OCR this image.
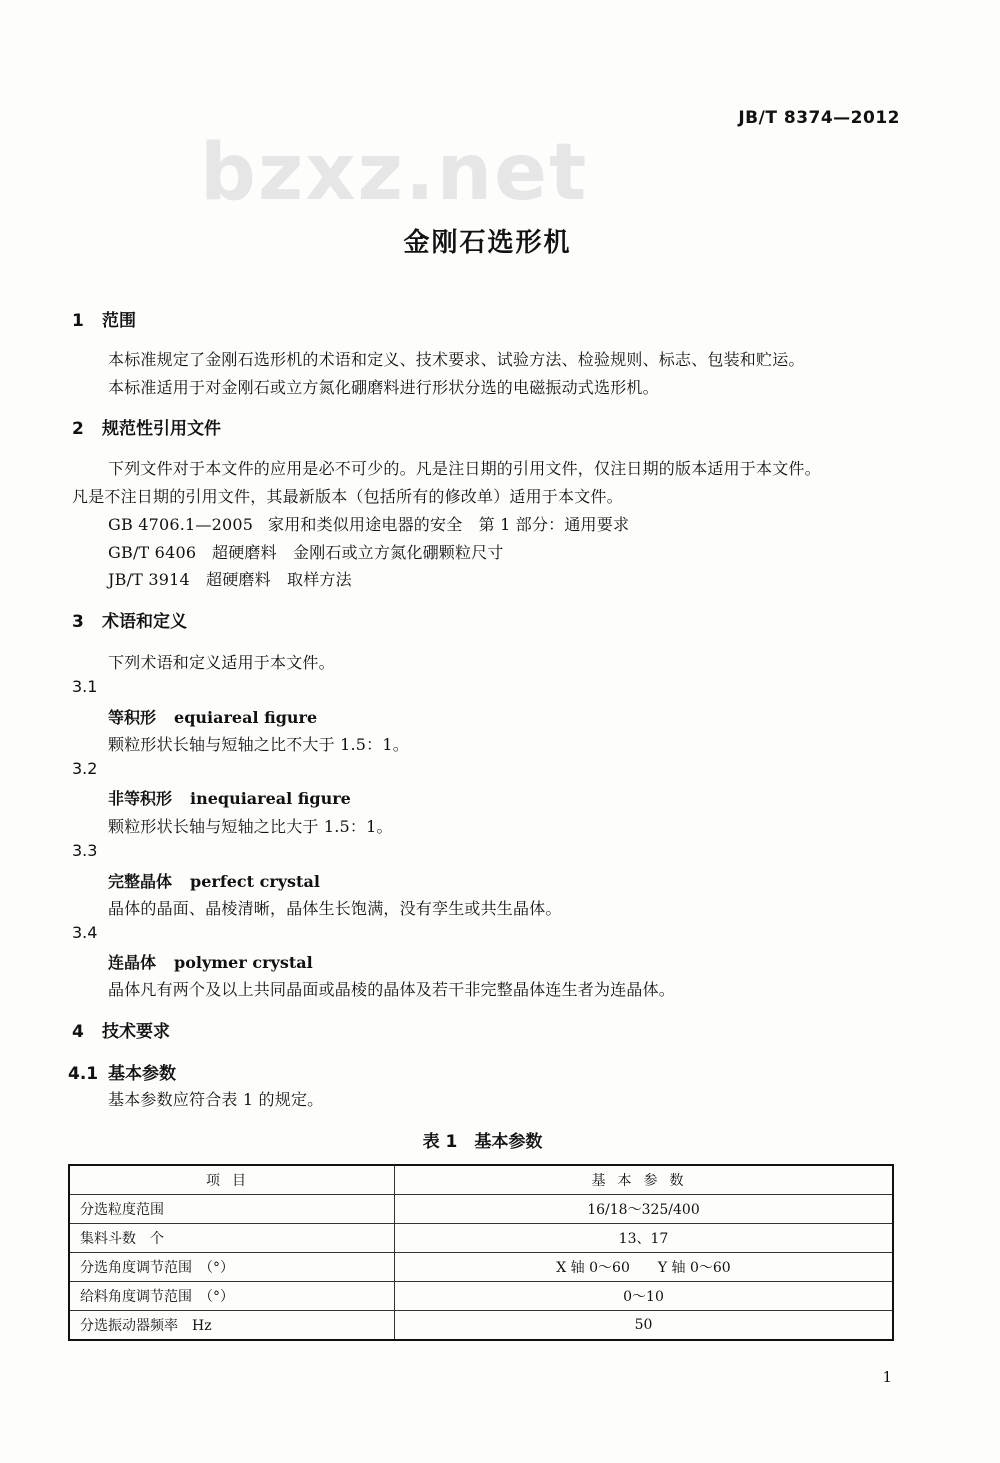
JB/T 8374—2012
bzxz.net
金刚石选形机
1 范围
本标准规定了金刚石选形机的术语和定义、技术要求、试验方法、检验规则、标志、包装和贮运。
本标准适用于对金刚石或立方氮化硼磨料进行形状分选的电磁振动式选形机。
2 规范性引用文件
下列文件对于本文件的应用是必不可少的。凡是注日期的引用文件，仅注日期的版本适用于本文件。
凡是不注日期的引用文件，其最新版本（包括所有的修改单）适用于本文件。
GB 4706.1—2005 家用和类似用途电器的安全　第 1 部分：通用要求
GB/T 6406 超硬磨料　金刚石或立方氮化硼颗粒尺寸
JB/T 3914 超硬磨料　取样方法
3 术语和定义
下列术语和定义适用于本文件。
3.1
等积形 equiareal figure
颗粒形状长轴与短轴之比不大于 1.5：1。
3.2
非等积形 inequiareal figure
颗粒形状长轴与短轴之比大于 1.5：1。
3.3
完整晶体 perfect crystal
晶体的晶面、晶棱清晰，晶体生长饱满，没有孪生或共生晶体。
3.4
连晶体 polymer crystal
晶体凡有两个及以上共同晶面或晶棱的晶体及若干非完整晶体连生者为连晶体。
4 技术要求
4.1 基本参数
基本参数应符合表 1 的规定。
表 1　基本参数
项目	基本参数
分选粒度范围	16/18～325/400
集料斗数　个	13、17
分选角度调节范围　（°）	X 轴 0～60　　Y 轴 0～60
给料角度调节范围　（°）	0～10
分选振动器频率　Hz	50
1
